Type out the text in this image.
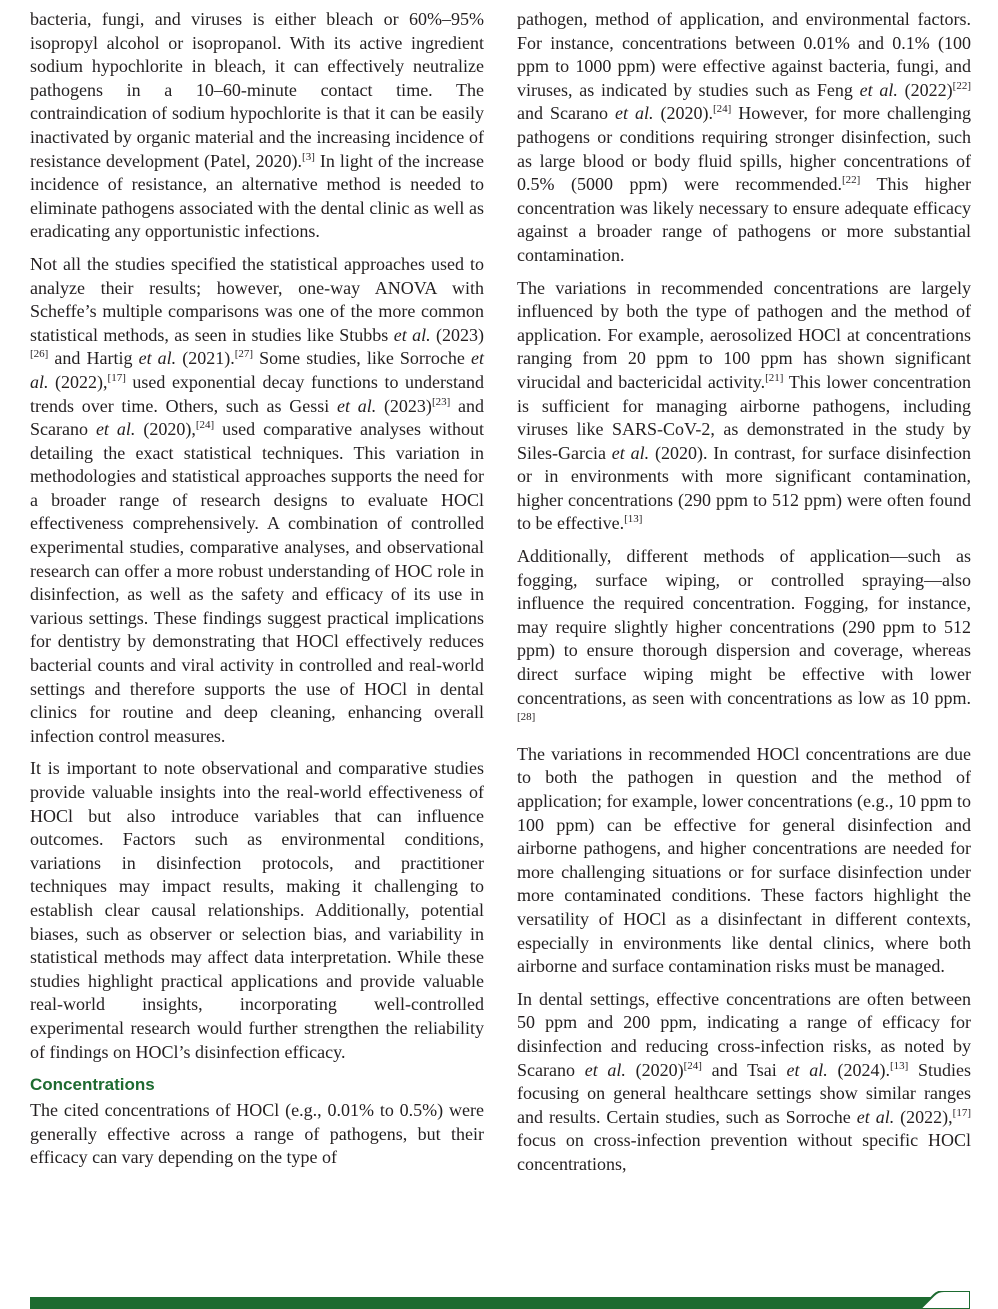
bacteria, fungi, and viruses is either bleach or 60%–95% isopropyl alcohol or isopropanol. With its active ingredient sodium hypochlorite in bleach, it can effectively neutralize pathogens in a 10–60-minute contact time. The contraindication of sodium hypochlorite is that it can be easily inactivated by organic material and the increasing incidence of resistance development (Patel, 2020).[3] In light of the increase incidence of resistance, an alternative method is needed to eliminate pathogens associated with the dental clinic as well as eradicating any opportunistic infections.

Not all the studies specified the statistical approaches used to analyze their results; however, one-way ANOVA with Scheffe’s multiple comparisons was one of the more common statistical methods, as seen in studies like Stubbs et al. (2023)[26] and Hartig et al. (2021).[27] Some studies, like Sorroche et al. (2022),[17] used exponential decay functions to understand trends over time. Others, such as Gessi et al. (2023)[23] and Scarano et al. (2020),[24] used comparative analyses without detailing the exact statistical techniques. This variation in methodologies and statistical approaches supports the need for a broader range of research designs to evaluate HOCl effectiveness comprehensively. A combination of controlled experimental studies, comparative analyses, and observational research can offer a more robust understanding of HOC role in disinfection, as well as the safety and efficacy of its use in various settings. These findings suggest practical implications for dentistry by demonstrating that HOCl effectively reduces bacterial counts and viral activity in controlled and real-world settings and therefore supports the use of HOCl in dental clinics for routine and deep cleaning, enhancing overall infection control measures.

It is important to note observational and comparative studies provide valuable insights into the real-world effectiveness of HOCl but also introduce variables that can influence outcomes. Factors such as environmental conditions, variations in disinfection protocols, and practitioner techniques may impact results, making it challenging to establish clear causal relationships. Additionally, potential biases, such as observer or selection bias, and variability in statistical methods may affect data interpretation. While these studies highlight practical applications and provide valuable real-world insights, incorporating well-controlled experimental research would further strengthen the reliability of findings on HOCl’s disinfection efficacy.

Concentrations

The cited concentrations of HOCl (e.g., 0.01% to 0.5%) were generally effective across a range of pathogens, but their efficacy can vary depending on the type of

pathogen, method of application, and environmental factors. For instance, concentrations between 0.01% and 0.1% (100 ppm to 1000 ppm) were effective against bacteria, fungi, and viruses, as indicated by studies such as Feng et al. (2022)[22] and Scarano et al. (2020).[24] However, for more challenging pathogens or conditions requiring stronger disinfection, such as large blood or body fluid spills, higher concentrations of 0.5% (5000 ppm) were recommended.[22] This higher concentration was likely necessary to ensure adequate efficacy against a broader range of pathogens or more substantial contamination.

The variations in recommended concentrations are largely influenced by both the type of pathogen and the method of application. For example, aerosolized HOCl at concentrations ranging from 20 ppm to 100 ppm has shown significant virucidal and bactericidal activity.[21] This lower concentration is sufficient for managing airborne pathogens, including viruses like SARS-CoV-2, as demonstrated in the study by Siles-Garcia et al. (2020). In contrast, for surface disinfection or in environments with more significant contamination, higher concentrations (290 ppm to 512 ppm) were often found to be effective.[13]

Additionally, different methods of application—such as fogging, surface wiping, or controlled spraying—also influence the required concentration. Fogging, for instance, may require slightly higher concentrations (290 ppm to 512 ppm) to ensure thorough dispersion and coverage, whereas direct surface wiping might be effective with lower concentrations, as seen with concentrations as low as 10 ppm.[28]

The variations in recommended HOCl concentrations are due to both the pathogen in question and the method of application; for example, lower concentrations (e.g., 10 ppm to 100 ppm) can be effective for general disinfection and airborne pathogens, and higher concentrations are needed for more challenging situations or for surface disinfection under more contaminated conditions. These factors highlight the versatility of HOCl as a disinfectant in different contexts, especially in environments like dental clinics, where both airborne and surface contamination risks must be managed.

In dental settings, effective concentrations are often between 50 ppm and 200 ppm, indicating a range of efficacy for disinfection and reducing cross-infection risks, as noted by Scarano et al. (2020)[24] and Tsai et al. (2024).[13] Studies focusing on general healthcare settings show similar ranges and results. Certain studies, such as Sorroche et al. (2022),[17] focus on cross-infection prevention without specific HOCl concentrations,
